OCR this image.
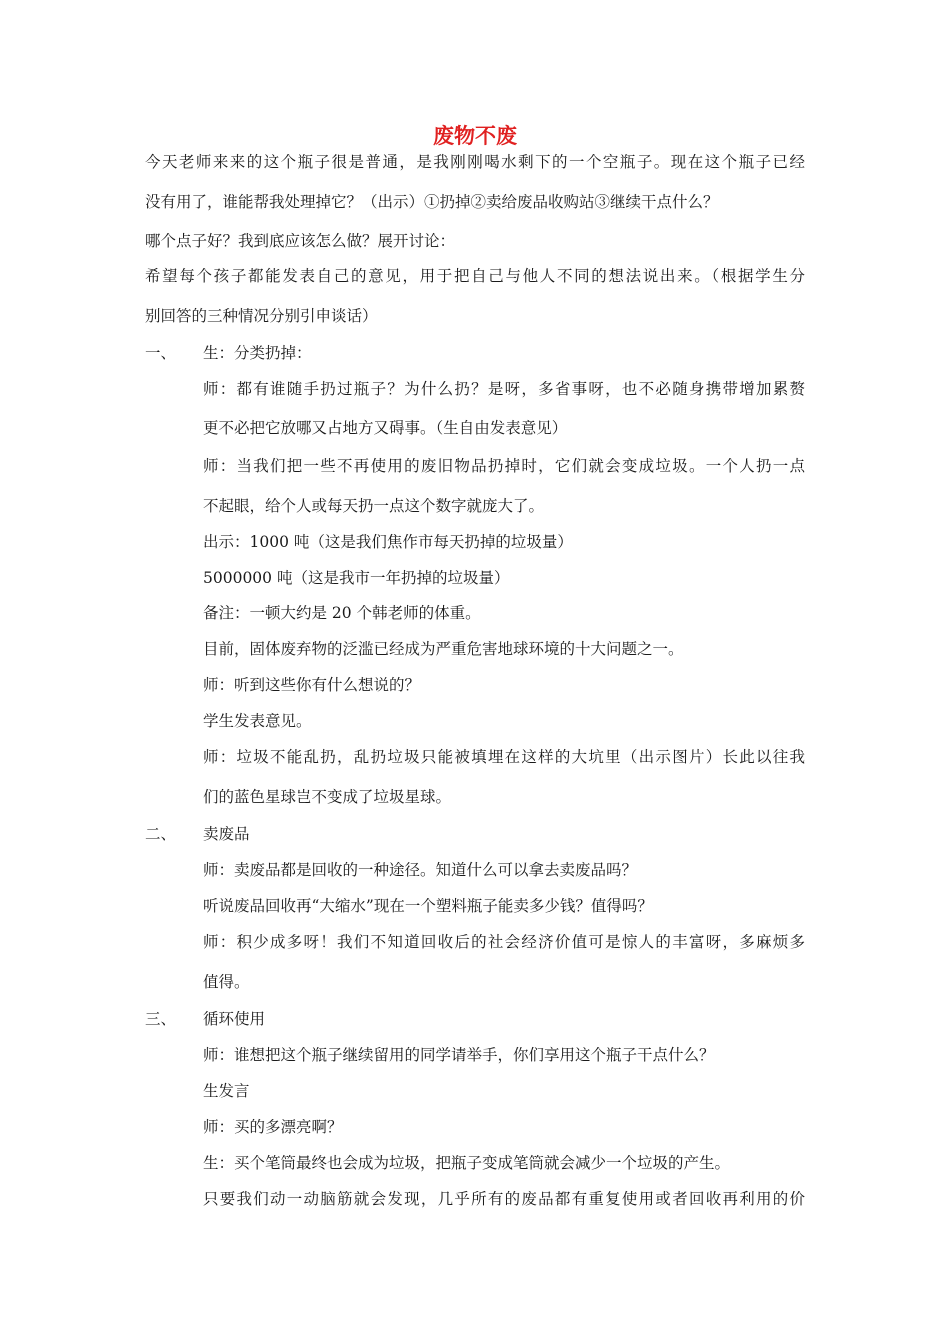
废物不废
今天老师来来的这个瓶子很是普通，是我刚刚喝水剩下的一个空瓶子。现在这个瓶子已经
没有用了，谁能帮我处理掉它？（出示）①扔掉②卖给废品收购站③继续干点什么？
哪个点子好？我到底应该怎么做？展开讨论：
希望每个孩子都能发表自己的意见，用于把自己与他人不同的想法说出来。（根据学生分
别回答的三种情况分别引申谈话）
一、 生：分类扔掉：
师：都有谁随手扔过瓶子？为什么扔？是呀，多省事呀，也不必随身携带增加累赘
更不必把它放哪又占地方又碍事。（生自由发表意见）
师：当我们把一些不再使用的废旧物品扔掉时，它们就会变成垃圾。一个人扔一点
不起眼，给个人或每天扔一点这个数字就庞大了。
出示：1000 吨（这是我们焦作市每天扔掉的垃圾量）
5000000 吨（这是我市一年扔掉的垃圾量）
备注：一顿大约是 20 个韩老师的体重。
目前，固体废弃物的泛滥已经成为严重危害地球环境的十大问题之一。
师：听到这些你有什么想说的？
学生发表意见。
师：垃圾不能乱扔，乱扔垃圾只能被填埋在这样的大坑里（出示图片）长此以往我
们的蓝色星球岂不变成了垃圾星球。
二、 卖废品
师：卖废品都是回收的一种途径。知道什么可以拿去卖废品吗？
听说废品回收再“大缩水”现在一个塑料瓶子能卖多少钱？值得吗？
师：积少成多呀！我们不知道回收后的社会经济价值可是惊人的丰富呀，多麻烦多
值得。
三、 循环使用
师：谁想把这个瓶子继续留用的同学请举手，你们享用这个瓶子干点什么？
生发言
师：买的多漂亮啊？
生：买个笔筒最终也会成为垃圾，把瓶子变成笔筒就会减少一个垃圾的产生。
只要我们动一动脑筋就会发现，几乎所有的废品都有重复使用或者回收再利用的价
